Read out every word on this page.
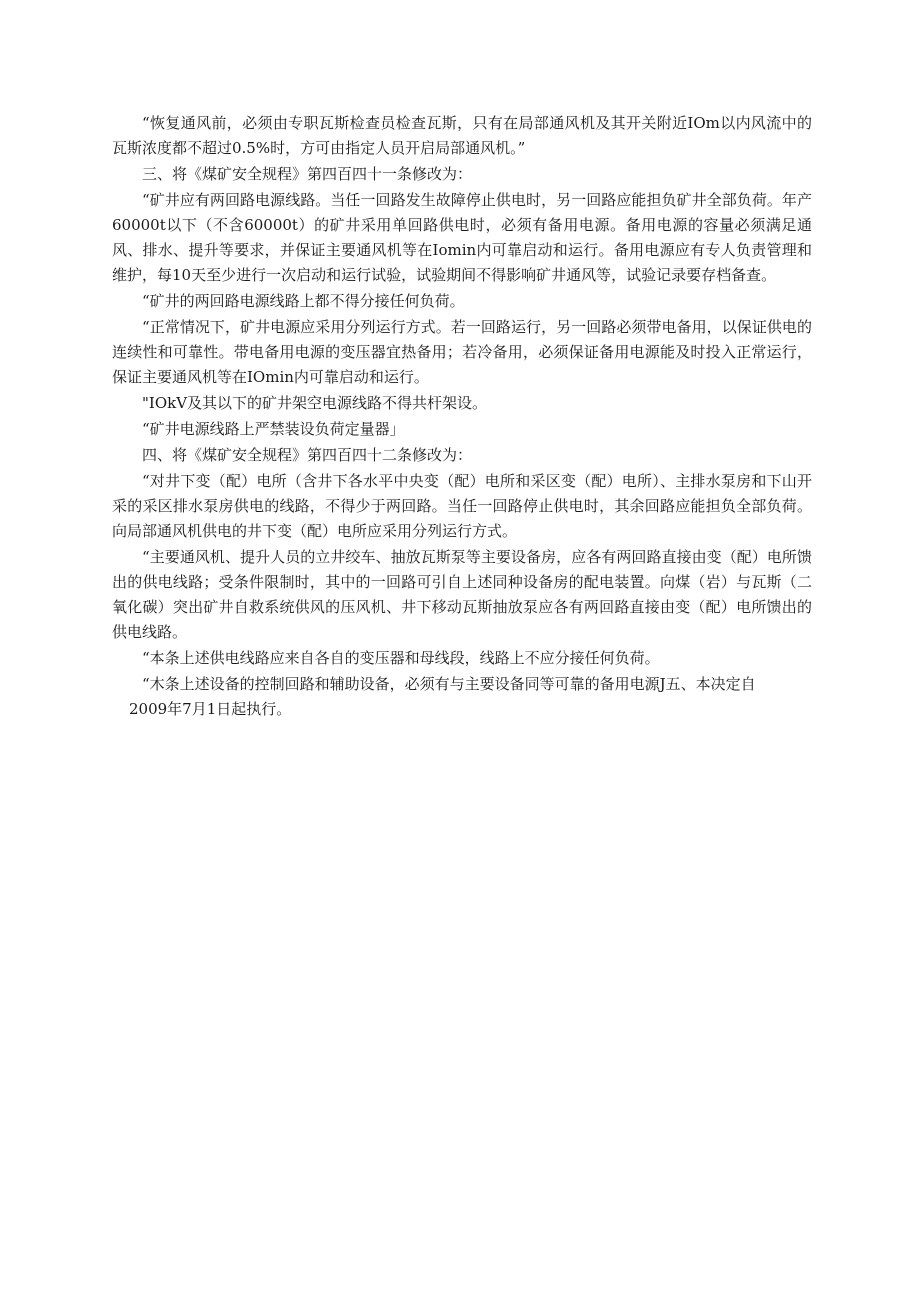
“恢复通风前，必须由专职瓦斯检查员检查瓦斯，只有在局部通风机及其开关附近IOm以内风流中的瓦斯浓度都不超过0.5%时，方可由指定人员开启局部通风机。”

三、将《煤矿安全规程》第四百四十一条修改为：

“矿井应有两回路电源线路。当任一回路发生故障停止供电时，另一回路应能担负矿井全部负荷。年产60000t以下（不含60000t）的矿井采用单回路供电时，必须有备用电源。备用电源的容量必须满足通风、排水、提升等要求，并保证主要通风机等在Iomin内可靠启动和运行。备用电源应有专人负责管理和维护，每10天至少进行一次启动和运行试验，试验期间不得影响矿井通风等，试验记录要存档备查。

“矿井的两回路电源线路上都不得分接任何负荷。

“正常情况下，矿井电源应采用分列运行方式。若一回路运行，另一回路必须带电备用，以保证供电的连续性和可靠性。带电备用电源的变压器宜热备用；若冷备用，必须保证备用电源能及时投入正常运行，保证主要通风机等在IOmin内可靠启动和运行。

"IOkV及其以下的矿井架空电源线路不得共杆架设。

“矿井电源线路上严禁装设负荷定量器」

四、将《煤矿安全规程》第四百四十二条修改为：

“对井下变（配）电所（含井下各水平中央变（配）电所和采区变（配）电所）、主排水泵房和下山开采的采区排水泵房供电的线路，不得少于两回路。当任一回路停止供电时，其余回路应能担负全部负荷。向局部通风机供电的井下变（配）电所应采用分列运行方式。

“主要通风机、提升人员的立井绞车、抽放瓦斯泵等主要设备房，应各有两回路直接由变（配）电所馈出的供电线路；受条件限制时，其中的一回路可引自上述同种设备房的配电装置。向煤（岩）与瓦斯（二氧化碳）突出矿井自救系统供风的压风机、井下移动瓦斯抽放泵应各有两回路直接由变（配）电所馈出的供电线路。

“本条上述供电线路应来自各自的变压器和母线段，线路上不应分接任何负荷。

“木条上述设备的控制回路和辅助设备，必须有与主要设备同等可靠的备用电源J五、本决定自
2009年7月1日起执行。
